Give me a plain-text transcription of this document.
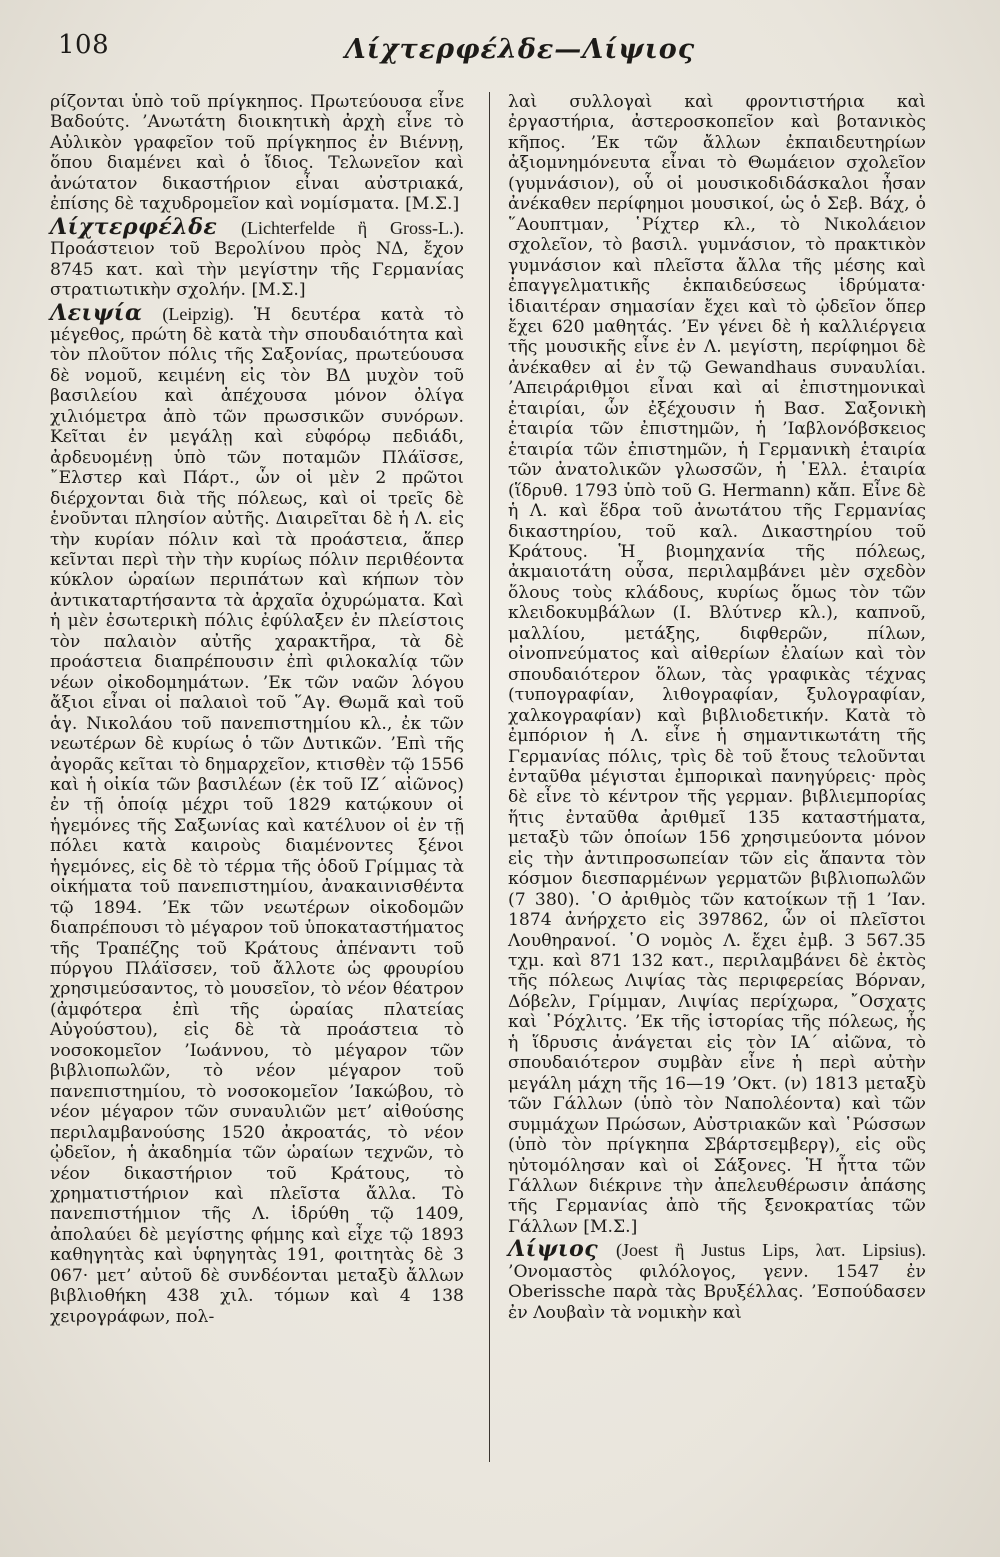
108	Λίχτερφέλδε—Λίψιος

ρίζονται ὑπὸ τοῦ πρίγκηπος. Πρωτεύουσα εἶνε Βαδούτς. ’Ανωτάτη διοικητικὴ ἀρχὴ εἶνε τὸ Αὐλικὸν γραφεῖον τοῦ πρίγκηπος ἐν Βιέννῃ, ὅπου διαμένει καὶ ὁ ἴδιος. Τελωνεῖον καὶ ἀνώτατον δικαστήριον εἶναι αὐστριακά, ἐπίσης δὲ ταχυδρομεῖον καὶ νομίσματα. [Μ.Σ.]

Λίχτερφέλδε (Lichterfelde ἢ Gross-L.). Προάστειον τοῦ Βερολίνου πρὸς ΝΔ, ἔχον 8745 κατ. καὶ τὴν μεγίστην τῆς Γερμανίας στρατιωτικὴν σχολήν. [Μ.Σ.]

Λειψία (Leipzig). Ἡ δευτέρα κατὰ τὸ μέγεθος, πρώτη δὲ κατὰ τὴν σπουδαιότητα καὶ τὸν πλοῦτον πόλις τῆς Σαξονίας, πρωτεύουσα δὲ νομοῦ, κειμένη εἰς τὸν ΒΔ μυχὸν τοῦ βασιλείου καὶ ἀπέχουσα μόνον ὀλίγα χιλιόμετρα ἀπὸ τῶν πρωσσικῶν συνόρων. Κεῖται ἐν μεγάλῃ καὶ εὐφόρῳ πεδιάδι, ἀρδευομένῃ ὑπὸ τῶν ποταμῶν Πλάϊσσε, ῎Ελστερ καὶ Πάρτ., ὧν οἱ μὲν 2 πρῶτοι διέρχονται διὰ τῆς πόλεως, καὶ οἱ τρεῖς δὲ ἑνοῦνται πλησίον αὐτῆς. Διαιρεῖται δὲ ἡ Λ. εἰς τὴν κυρίαν πόλιν καὶ τὰ προάστεια, ἅπερ κεῖνται περὶ τὴν τὴν κυρίως πόλιν περιθέοντα κύκλον ὡραίων περιπάτων καὶ κήπων τὸν ἀντικαταρτήσαντα τὰ ἀρχαῖα ὀχυρώματα. Καὶ ἡ μὲν ἐσωτερικὴ πόλις ἐφύλαξεν ἐν πλείστοις τὸν παλαιὸν αὐτῆς χαρακτῆρα, τὰ δὲ προάστεια διαπρέπουσιν ἐπὶ φιλοκαλίᾳ τῶν νέων οἰκοδομημάτων. ’Εκ τῶν ναῶν λόγου ἄξιοι εἶναι οἱ παλαιοὶ τοῦ ῞Αγ. Θωμᾶ καὶ τοῦ ἁγ. Νικολάου τοῦ πανεπιστημίου κλ., ἐκ τῶν νεωτέρων δὲ κυρίως ὁ τῶν Δυτικῶν. ’Επὶ τῆς ἀγορᾶς κεῖται τὸ δημαρχεῖον, κτισθὲν τῷ 1556 καὶ ἡ οἰκία τῶν βασιλέων (ἐκ τοῦ ΙΖ´ αἰῶνος) ἐν τῇ ὁποίᾳ μέχρι τοῦ 1829 κατῴκουν οἱ ἡγεμόνες τῆς Σαξωνίας καὶ κατέλυον οἱ ἐν τῇ πόλει κατὰ καιροὺς διαμένοντες ξένοι ἡγεμόνες, εἰς δὲ τὸ τέρμα τῆς ὁδοῦ Γρίμμας τὰ οἰκήματα τοῦ πανεπιστημίου, ἀνακαινισθέντα τῷ 1894. ’Εκ τῶν νεωτέρων οἰκοδομῶν διαπρέπουσι τὸ μέγαρον τοῦ ὑποκαταστήματος τῆς Τραπέζης τοῦ Κράτους ἀπέναντι τοῦ πύργου Πλάϊσσεν, τοῦ ἄλλοτε ὡς φρουρίου χρησιμεύσαντος, τὸ μουσεῖον, τὸ νέον θέατρον (ἀμφότερα ἐπὶ τῆς ὡραίας πλατείας Αὐγούστου), εἰς δὲ τὰ προάστεια τὸ νοσοκομεῖον ’Ιωάννου, τὸ μέγαρον τῶν βιβλιοπωλῶν, τὸ νέον μέγαρον τοῦ πανεπιστημίου, τὸ νοσοκομεῖον ’Ιακώβου, τὸ νέον μέγαρον τῶν συναυλιῶν μετ’ αἰθούσης περιλαμβανούσης 1520 ἀκροατάς, τὸ νέον ᾠδεῖον, ἡ ἀκαδημία τῶν ὡραίων τεχνῶν, τὸ νέον δικαστήριον τοῦ Κράτους, τὸ χρηματιστήριον καὶ πλεῖστα ἄλλα. Τὸ πανεπιστήμιον τῆς Λ. ἱδρύθη τῷ 1409, ἀπολαύει δὲ μεγίστης φήμης καὶ εἶχε τῷ 1893 καθηγητὰς καὶ ὑφηγητὰς 191, φοιτητὰς δὲ 3 067· μετ’ αὐτοῦ δὲ συνδέονται μεταξὺ ἄλλων βιβλιοθήκη 438 χιλ. τόμων καὶ 4 138 χειρογράφων, πολ-

λαὶ συλλογαὶ καὶ φροντιστήρια καὶ ἐργαστήρια, ἀστεροσκοπεῖον καὶ βοτανικὸς κῆπος. ’Εκ τῶν ἄλλων ἐκπαιδευτηρίων ἀξιομνημόνευτα εἶναι τὸ Θωμάειον σχολεῖον (γυμνάσιον), οὗ οἱ μουσικοδιδάσκαλοι ἦσαν ἀνέκαθεν περίφημοι μουσικοί, ὡς ὁ Σεβ. Βάχ, ὁ ῞Αουπτμαν, ῾Ρίχτερ κλ., τὸ Νικολάειον σχολεῖον, τὸ βασιλ. γυμνάσιον, τὸ πρακτικὸν γυμνάσιον καὶ πλεῖστα ἄλλα τῆς μέσης καὶ ἐπαγγελματικῆς ἐκπαιδεύσεως ἱδρύματα· ἰδιαιτέραν σημασίαν ἔχει καὶ τὸ ᾠδεῖον ὅπερ ἔχει 620 μαθητάς. ’Εν γένει δὲ ἡ καλλιέργεια τῆς μουσικῆς εἶνε ἐν Λ. μεγίστη, περίφημοι δὲ ἀνέκαθεν αἱ ἐν τῷ Gewandhaus συναυλίαι. ’Απειράριθμοι εἶναι καὶ αἱ ἐπιστημονικαὶ ἑταιρίαι, ὧν ἐξέχουσιν ἡ Βασ. Σαξονικὴ ἑταιρία τῶν ἐπιστημῶν, ἡ ’Ιαβλονόβσκειος ἑταιρία τῶν ἐπιστημῶν, ἡ Γερμανικὴ ἑταιρία τῶν ἀνατολικῶν γλωσσῶν, ἡ ῾Ελλ. ἑταιρία (ἵδρυθ. 1793 ὑπὸ τοῦ G. Hermann) κἄπ. Εἶνε δὲ ἡ Λ. καὶ ἕδρα τοῦ ἀνωτάτου τῆς Γερμανίας δικαστηρίου, τοῦ καλ. Δικαστηρίου τοῦ Κράτους. Ἡ βιομηχανία τῆς πόλεως, ἀκμαιοτάτη οὖσα, περιλαμβάνει μὲν σχεδὸν ὅλους τοὺς κλάδους, κυρίως ὅμως τὸν τῶν κλειδοκυμβάλων (Ι. Βλύτνερ κλ.), καπνοῦ, μαλλίου, μετάξης, διφθερῶν, πίλων, οἰνοπνεύματος καὶ αἰθερίων ἐλαίων καὶ τὸν σπουδαιότερον ὅλων, τὰς γραφικὰς τέχνας (τυπογραφίαν, λιθογραφίαν, ξυλογραφίαν, χαλκογραφίαν) καὶ βιβλιοδετικήν. Κατὰ τὸ ἐμπόριον ἡ Λ. εἶνε ἡ σημαντικωτάτη τῆς Γερμανίας πόλις, τρὶς δὲ τοῦ ἔτους τελοῦνται ἐνταῦθα μέγισται ἐμπορικαὶ πανηγύρεις· πρὸς δὲ εἶνε τὸ κέντρον τῆς γερμαν. βιβλιεμπορίας ἥτις ἐνταῦθα ἀριθμεῖ 135 καταστήματα, μεταξὺ τῶν ὁποίων 156 χρησιμεύοντα μόνον εἰς τὴν ἀντιπροσωπείαν τῶν εἰς ἅπαντα τὸν κόσμον διεσπαρμένων γερματῶν βιβλιοπωλῶν (7 380). ῾Ο ἀριθμὸς τῶν κατοίκων τῇ 1 ’Ιαν. 1874 ἀνήρχετο εἰς 397862, ὧν οἱ πλεῖστοι Λουθηρανοί. ῾Ο νομὸς Λ. ἔχει ἐμβ. 3 567.35 τχμ. καὶ 871 132 κατ., περιλαμβάνει δὲ ἐκτὸς τῆς πόλεως Λιψίας τὰς περιφερείας Βόρναν, Δόβελν, Γρίμμαν, Λιψίας περίχωρα, ῎Οσχατς καὶ ῾Ρόχλιτς. ’Εκ τῆς ἱστορίας τῆς πόλεως, ἧς ἡ ἵδρυσις ἀνάγεται εἰς τὸν ΙΑ´ αἰῶνα, τὸ σπουδαιότερον συμβὰν εἶνε ἡ περὶ αὐτὴν μεγάλη μάχη τῆς 16—19 ’Οκτ. (ν) 1813 μεταξὺ τῶν Γάλλων (ὑπὸ τὸν Ναπολέοντα) καὶ τῶν συμμάχων Πρώσων, Αὐστριακῶν καὶ ῾Ρώσσων (ὑπὸ τὸν πρίγκηπα Σβάρτσεμβεργ), εἰς οὓς ηὐτομόλησαν καὶ οἱ Σάξονες. Ἡ ἧττα τῶν Γάλλων διέκρινε τὴν ἀπελευθέρωσιν ἁπάσης τῆς Γερμανίας ἀπὸ τῆς ξενοκρατίας τῶν Γάλλων [Μ.Σ.]

Λίψιος (Joest ἢ Justus Lips, λατ. Lipsius). ’Ονομαστὸς φιλόλογος, γενν. 1547 ἐν Oberissche παρὰ τὰς Βρυξέλλας. ’Εσπούδασεν ἐν Λουβαὶν τὰ νομικὴν καὶ
